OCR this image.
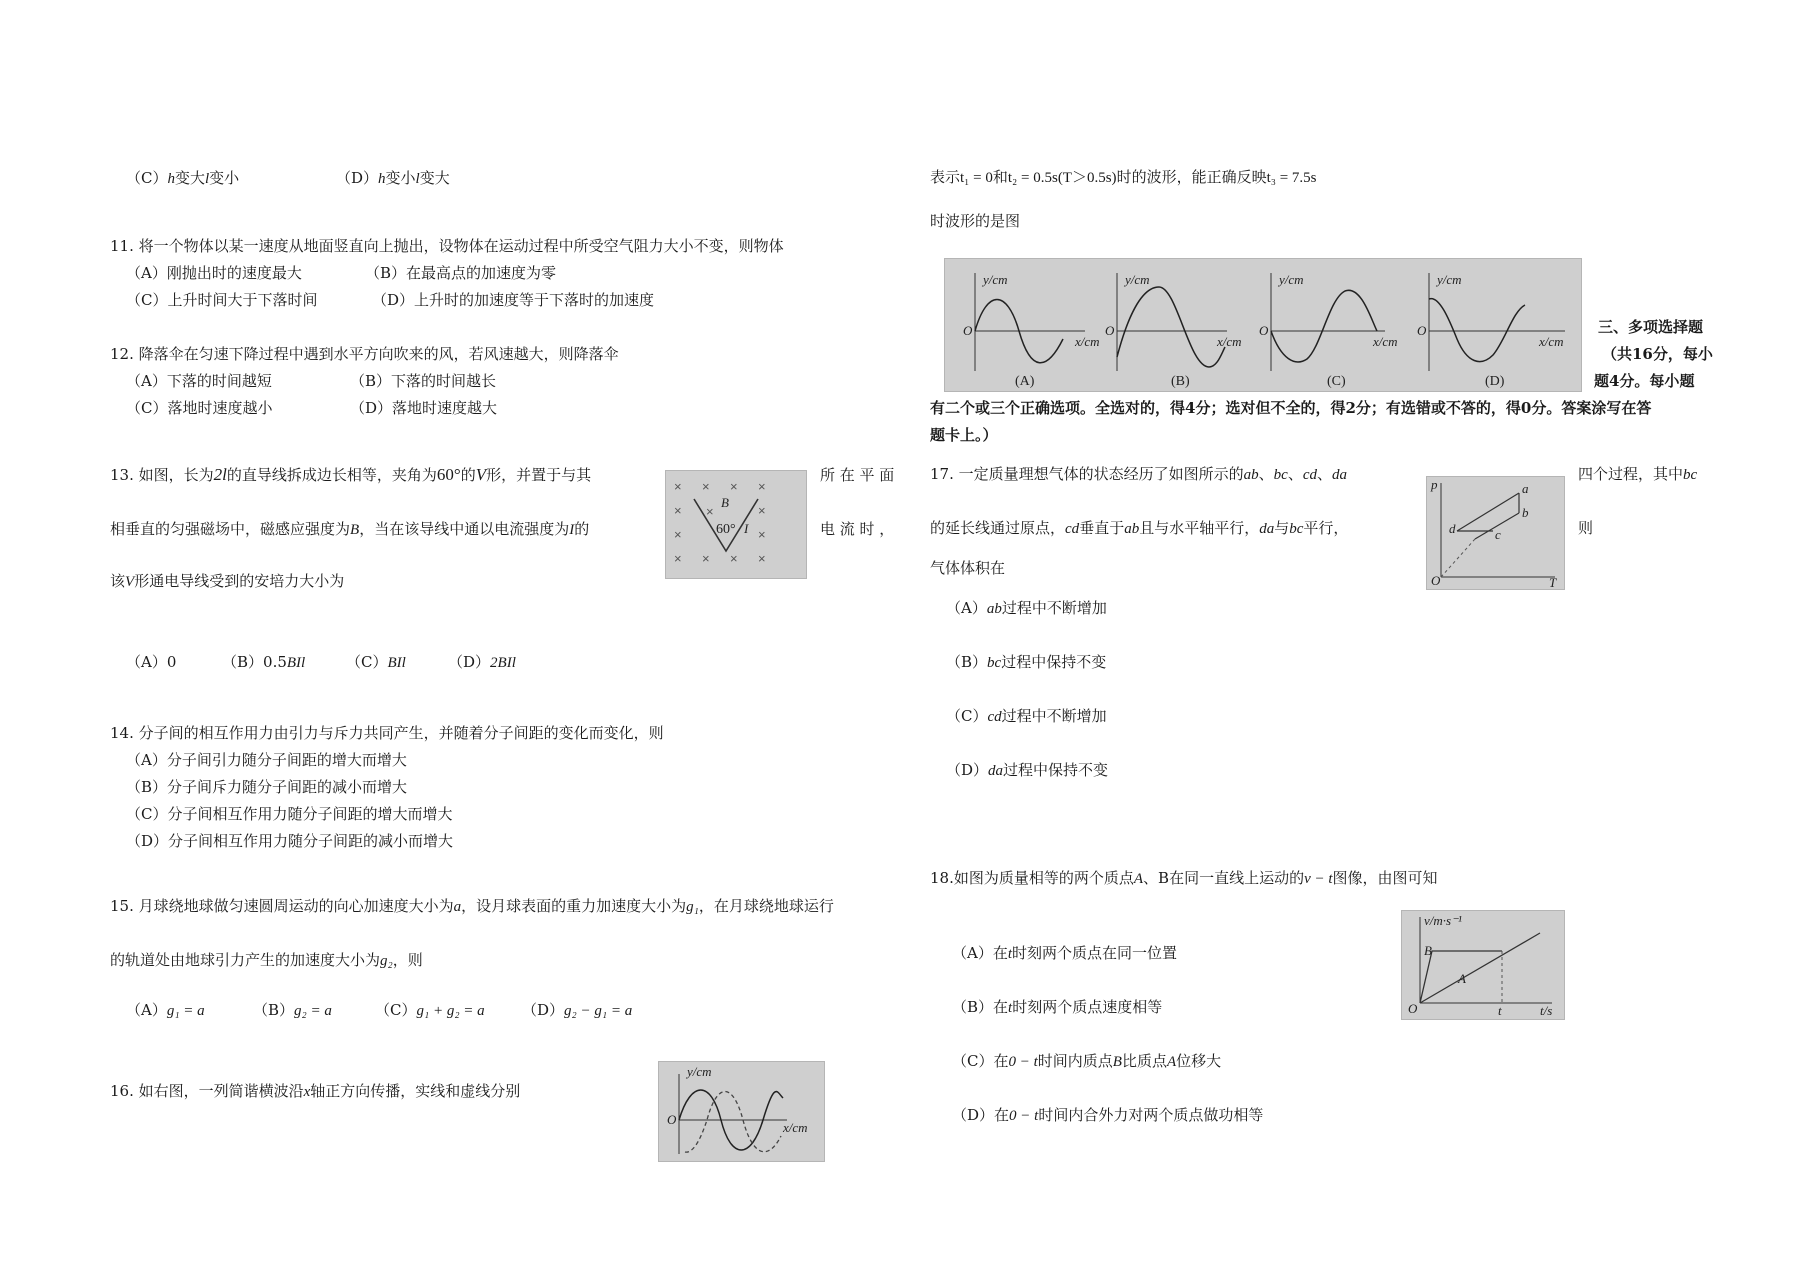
（C）h变大l变小	（D）h变小l变大
11. 将一个物体以某一速度从地面竖直向上抛出，设物体在运动过程中所受空气阻力大小不变，则物体
（A）刚抛出时的速度最大	（B）在最高点的加速度为零
（C）上升时间大于下落时间	（D）上升时的加速度等于下落时的加速度
12. 降落伞在匀速下降过程中遇到水平方向吹来的风，若风速越大，则降落伞
（A）下落的时间越短	（B）下落的时间越长
（C）落地时速度越小	（D）落地时速度越大
13. 如图，长为2l的直导线拆成边长相等，夹角为60°的V形，并置于与其	所 在 平 面
相垂直的匀强磁场中，磁感应强度为B，当在该导线中通以电流强度为I的	电 流 时 ，
该V形通电导线受到的安培力大小为
× × × ×
×	×
×	×
× × × ×
×
B
60° I
（A）0	（B）0.5BIl	（C）BIl	（D）2BIl
14. 分子间的相互作用力由引力与斥力共同产生，并随着分子间距的变化而变化，则
（A）分子间引力随分子间距的增大而增大
（B）分子间斥力随分子间距的减小而增大
（C）分子间相互作用力随分子间距的增大而增大
（D）分子间相互作用力随分子间距的减小而增大
15. 月球绕地球做匀速圆周运动的向心加速度大小为a，设月球表面的重力加速度大小为g₁，在月球绕地球运行
的轨道处由地球引力产生的加速度大小为g₂，则
（A）g₁ = a	（B）g₂ = a	（C）g₁ + g₂ = a （D）g₂ − g₁ = a
16. 如右图，一列简谐横波沿x轴正方向传播，实线和虚线分别
y/cm
x/cm
O
表示t₁ = 0和t₂ = 0.5s(T＞0.5s)时的波形，能正确反映t₃ = 7.5s
时波形的是图
y/cm
O
x/cm
(A)
y/cm
O
x/cm
(B)
y/cm
O
x/cm
(C)
y/cm
O
x/cm
(D)
三、多项选择题
（共16分，每小
题4分。每小题
有二个或三个正确选项。全选对的，得4分；选对但不全的，得2分；有选错或不答的，得0分。答案涂写在答
题卡上。）
17. 一定质量理想气体的状态经历了如图所示的ab、bc、cd、da	四个过程，其中bc
的延长线通过原点，cd垂直于ab且与水平轴平行，da与bc平行，	则
气体体积在
p
T
O
a
b
c
d
（A）ab过程中不断增加
（B）bc过程中保持不变
（C）cd过程中不断增加
（D）da过程中保持不变
18.如图为质量相等的两个质点A、B在同一直线上运动的v − t图像，由图可知
v/m·s⁻¹
t/s
O	t
A
B
（A）在t时刻两个质点在同一位置
（B）在t时刻两个质点速度相等
（C）在0 − t时间内质点B比质点A位移大
（D）在0 − t时间内合外力对两个质点做功相等
